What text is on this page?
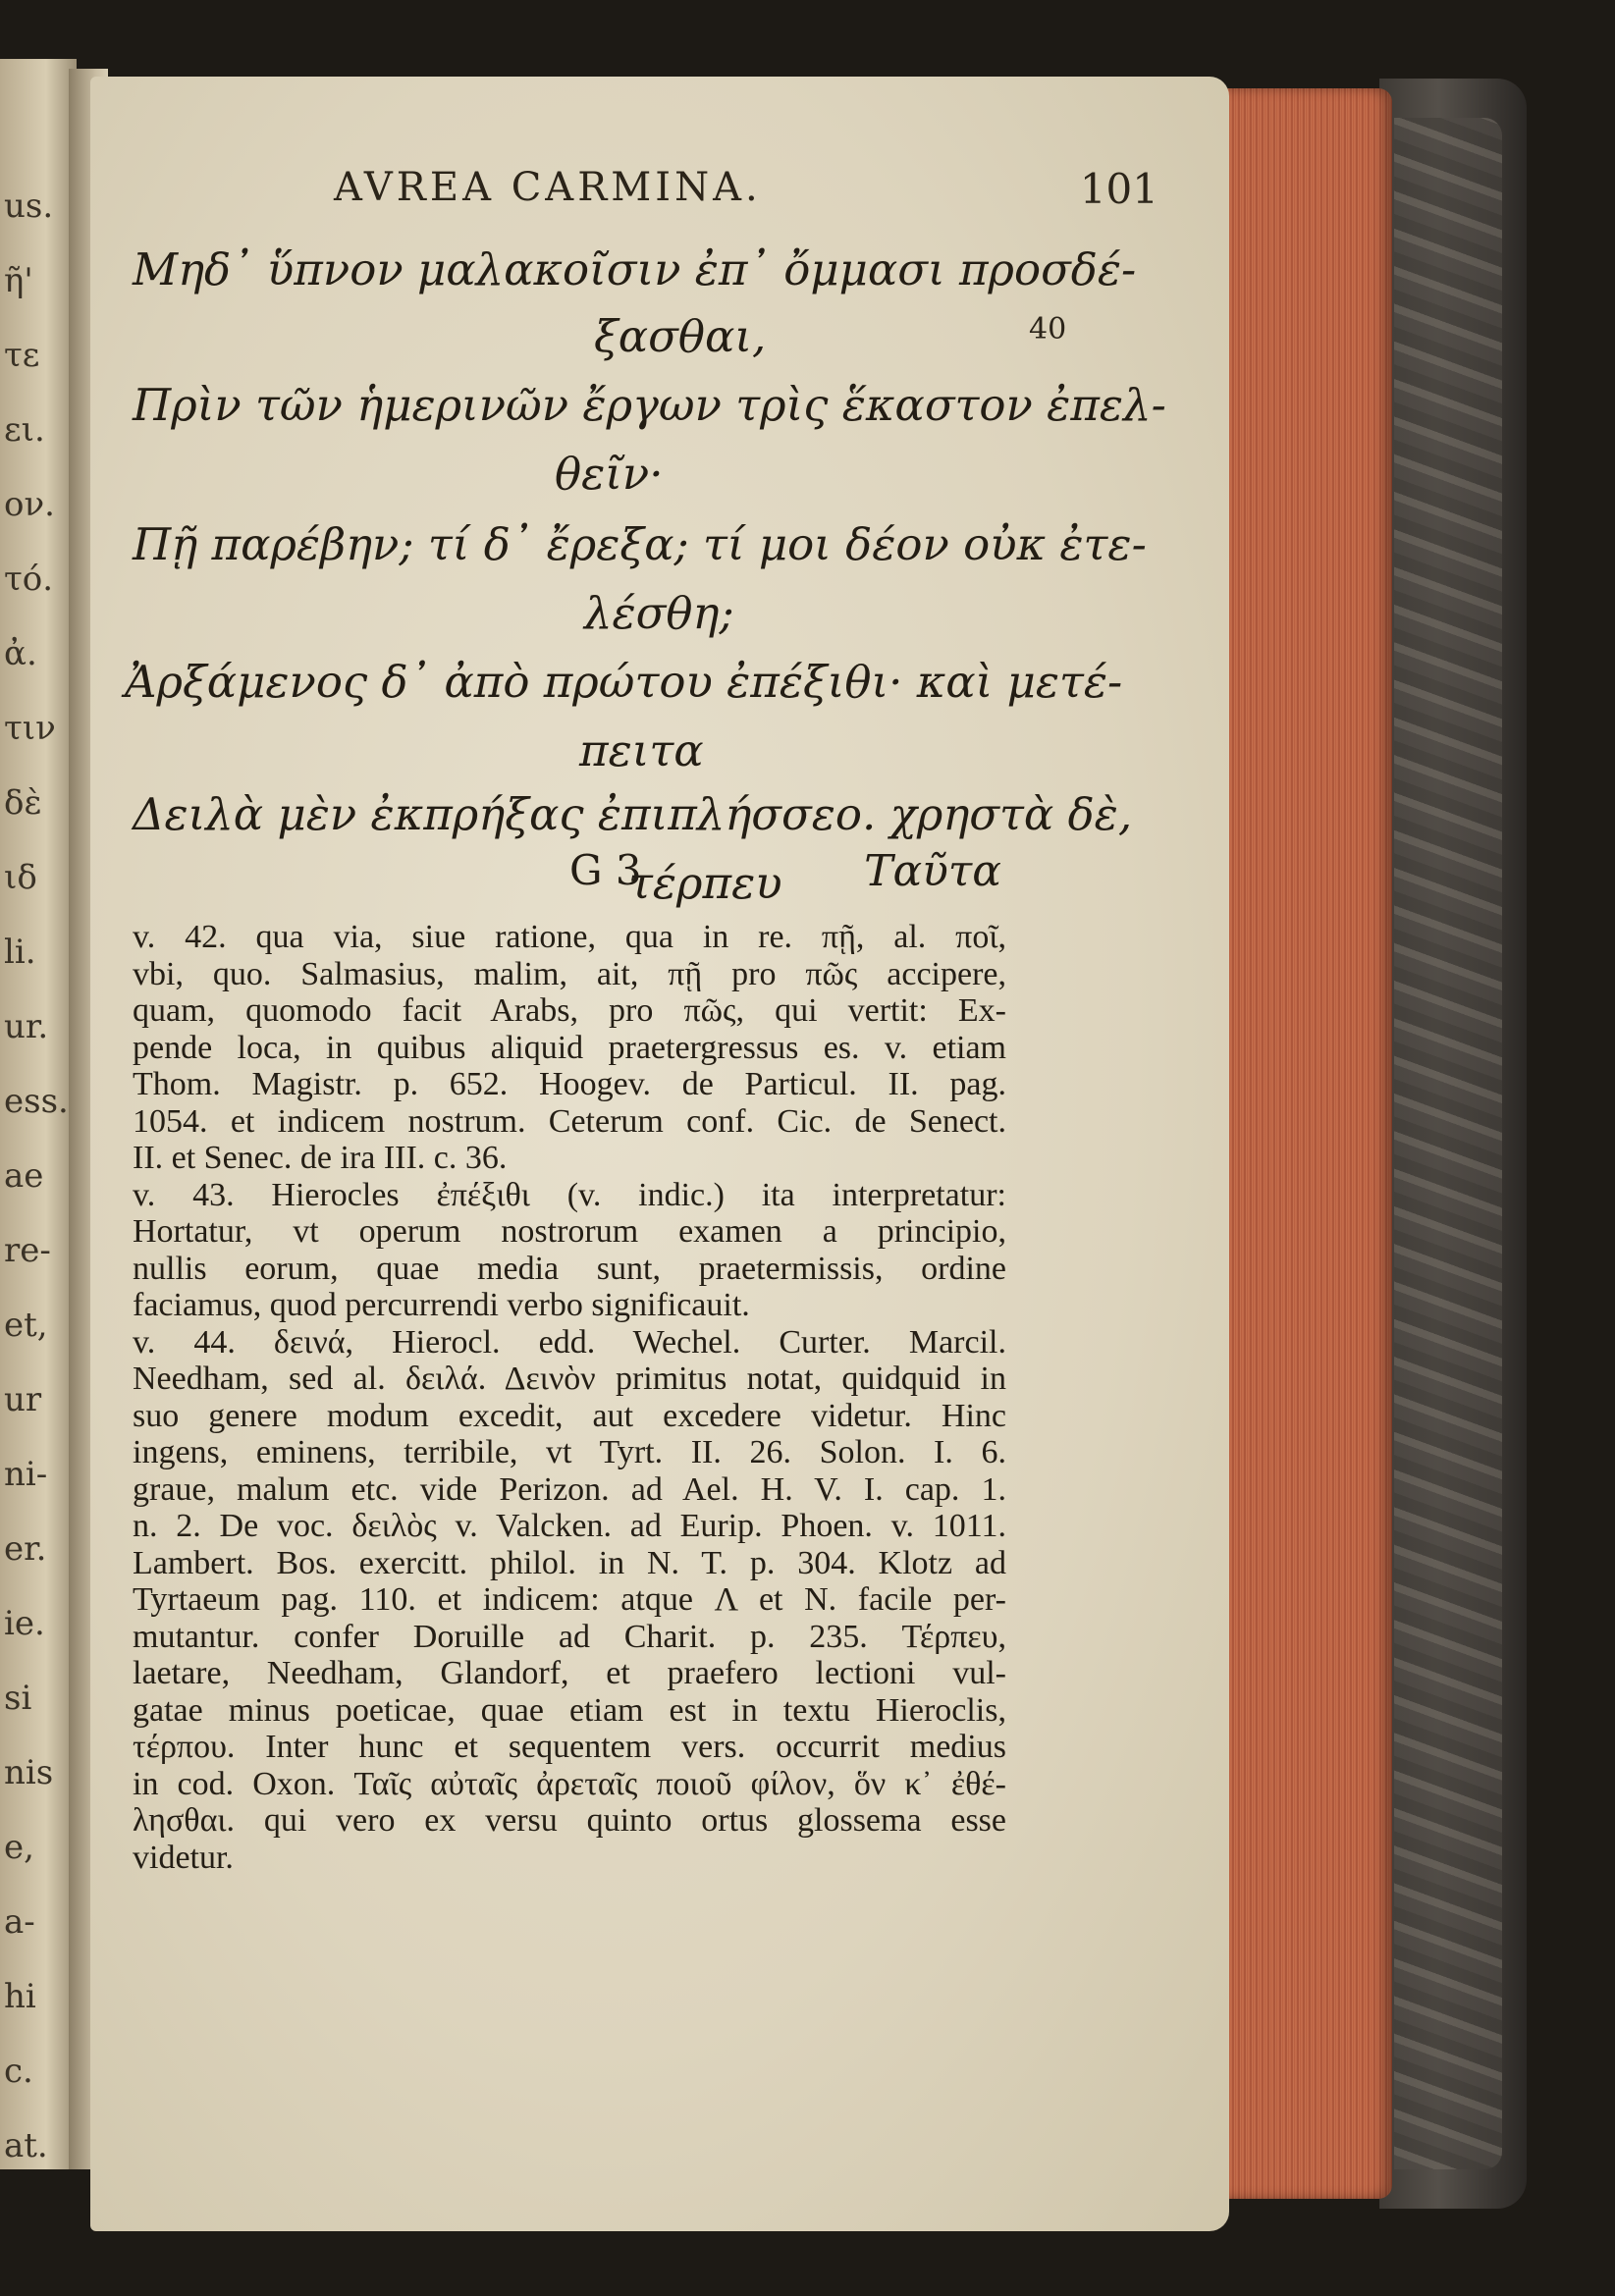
us.
ῆ'
τε
ει.
ον.
τό.
ἀ.
τιν
δὲ
ιδ
li.
ur.
ess.
ae
re-
et,
ur
ni-
er.
ie.
si
nis
e,
a-
hi
c.
at.
AVREA CARMINA.	101
Μηδ᾽ ὕπνον μαλακοῖσιν ἐπ᾽ ὄμμασι προσδέ-
ξασθαι,
Πρὶν τῶν ἡμερινῶν ἔργων τρὶς ἕκαστον ἐπελ-
θεῖν·
Πῇ παρέβην; τί δ᾽ ἔρεξα; τί μοι δέον οὐκ ἐτε-
λέσθη;
Ἀρξάμενος δ᾽ ἀπὸ πρώτου ἐπέξιθι· καὶ μετέ-
πειτα
Δειλὰ μὲν ἐκπρήξας ἐπιπλήσσεο. χρηστὰ δὲ,
τέρπευ
40
G 3	Ταῦτα
v. 42. qua via, siue ratione, qua in re. πῇ, al. ποῖ,
vbi, quo. Salmasius, malim, ait, πῇ pro πῶς accipere,
quam, quomodo facit Arabs, pro πῶς, qui vertit: Ex-
pende loca, in quibus aliquid praetergressus es. v. etiam
Thom. Magistr. p. 652. Hoogev. de Particul. II. pag.
1054. et indicem nostrum. Ceterum conf. Cic. de Senect.
II. et Senec. de ira III. c. 36.
v. 43. Hierocles ἐπέξιθι (v. indic.) ita interpretatur:
Hortatur, vt operum nostrorum examen a principio,
nullis eorum, quae media sunt, praetermissis, ordine
faciamus, quod percurrendi verbo significauit.
v. 44. δεινά, Hierocl. edd. Wechel. Curter. Marcil.
Needham, sed al. δειλά. Δεινὸν primitus notat, quidquid in
suo genere modum excedit, aut excedere videtur. Hinc
ingens, eminens, terribile, vt Tyrt. II. 26. Solon. I. 6.
graue, malum etc. vide Perizon. ad Ael. H. V. I. cap. 1.
n. 2. De voc. δειλὸς v. Valcken. ad Eurip. Phoen. v. 1011.
Lambert. Bos. exercitt. philol. in N. T. p. 304. Klotz ad
Tyrtaeum pag. 110. et indicem: atque Λ et N. facile per-
mutantur. confer Doruille ad Charit. p. 235. Τέρπευ,
laetare, Needham, Glandorf, et praefero lectioni vul-
gatae minus poeticae, quae etiam est in textu Hieroclis,
τέρπου. Inter hunc et sequentem vers. occurrit medius
in cod. Oxon. Ταῖς αὐταῖς ἀρεταῖς ποιοῦ φίλον, ὅν κ᾽ ἐθέ-
λησθαι. qui vero ex versu quinto ortus glossema esse
videtur.
